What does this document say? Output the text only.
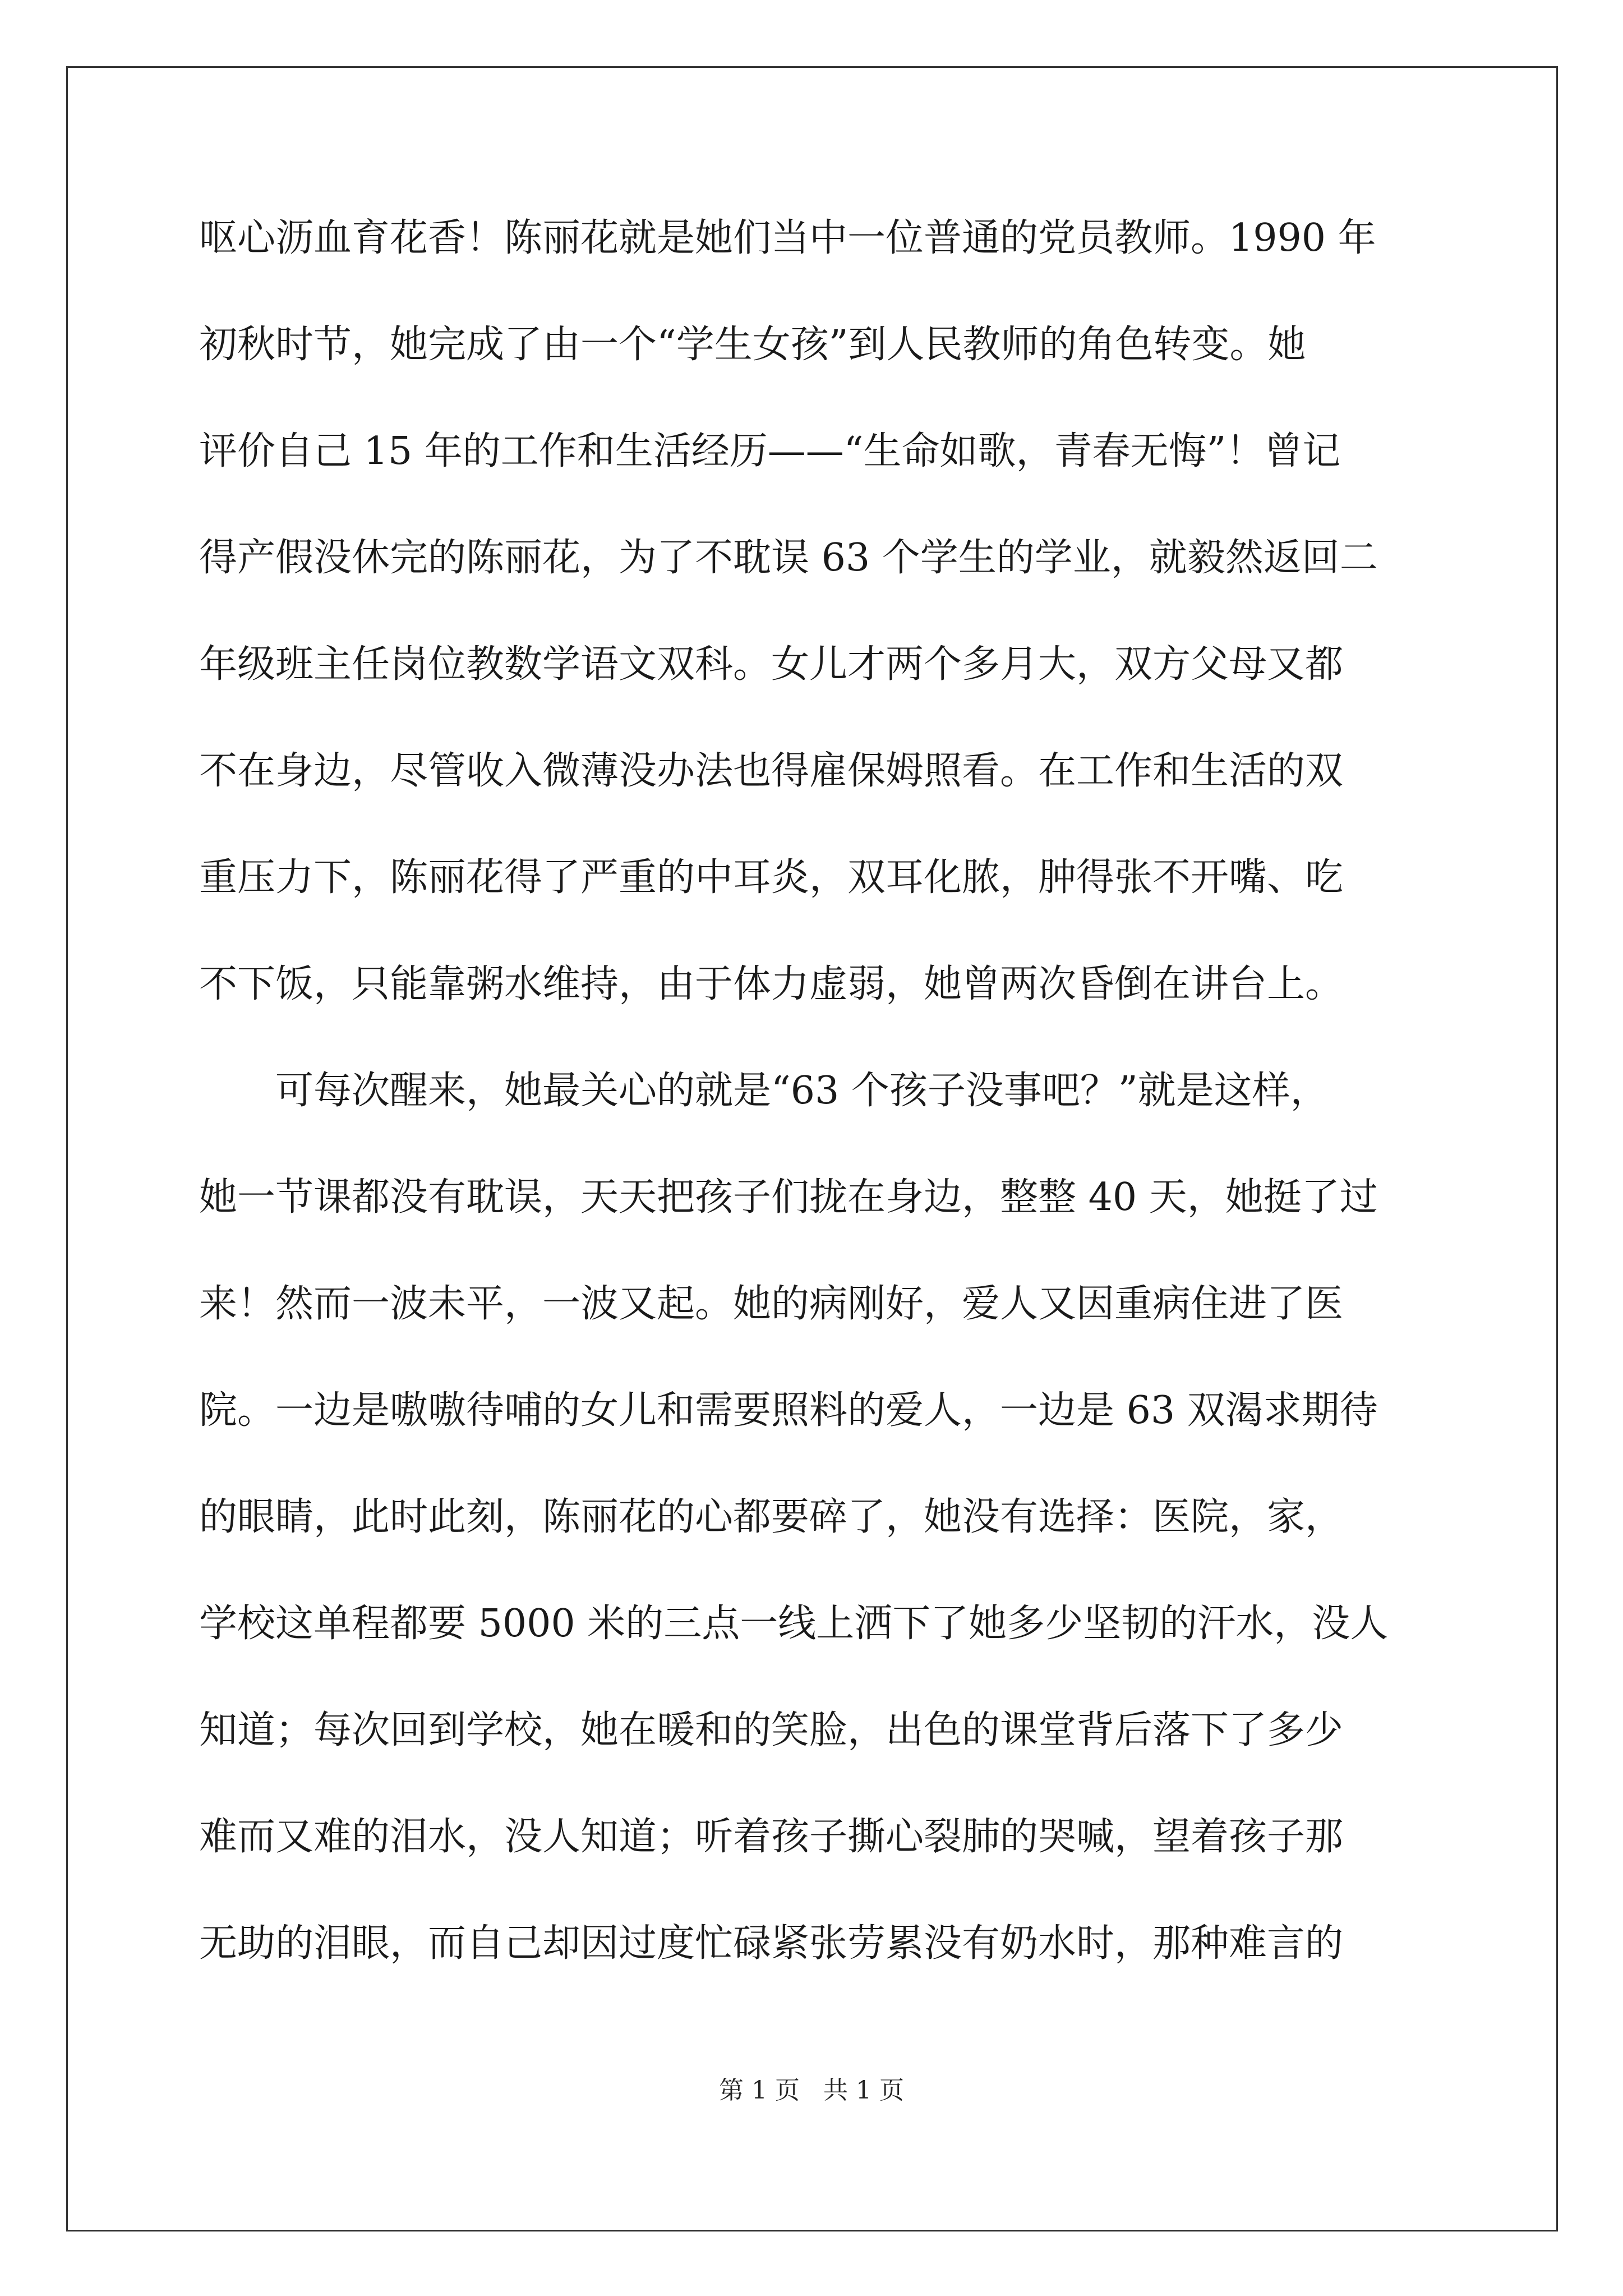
呕心沥血育花香！陈丽花就是她们当中一位普通的党员教师。1990 年
初秋时节，她完成了由一个“学生女孩”到人民教师的角色转变。她
评价自己 15 年的工作和生活经历——“生命如歌，青春无悔”！曾记
得产假没休完的陈丽花，为了不耽误 63 个学生的学业，就毅然返回二
年级班主任岗位教数学语文双科。女儿才两个多月大，双方父母又都
不在身边，尽管收入微薄没办法也得雇保姆照看。在工作和生活的双
重压力下，陈丽花得了严重的中耳炎，双耳化脓，肿得张不开嘴、吃
不下饭，只能靠粥水维持，由于体力虚弱，她曾两次昏倒在讲台上。
可每次醒来，她最关心的就是“63 个孩子没事吧？”就是这样，
她一节课都没有耽误，天天把孩子们拢在身边，整整 40 天，她挺了过
来！然而一波未平，一波又起。她的病刚好，爱人又因重病住进了医
院。一边是嗷嗷待哺的女儿和需要照料的爱人，一边是 63 双渴求期待
的眼睛，此时此刻，陈丽花的心都要碎了，她没有选择：医院，家，
学校这单程都要 5000 米的三点一线上洒下了她多少坚韧的汗水，没人
知道；每次回到学校，她在暖和的笑脸，出色的课堂背后落下了多少
难而又难的泪水，没人知道；听着孩子撕心裂肺的哭喊，望着孩子那
无助的泪眼，而自己却因过度忙碌紧张劳累没有奶水时，那种难言的
第 1 页   共 1 页
